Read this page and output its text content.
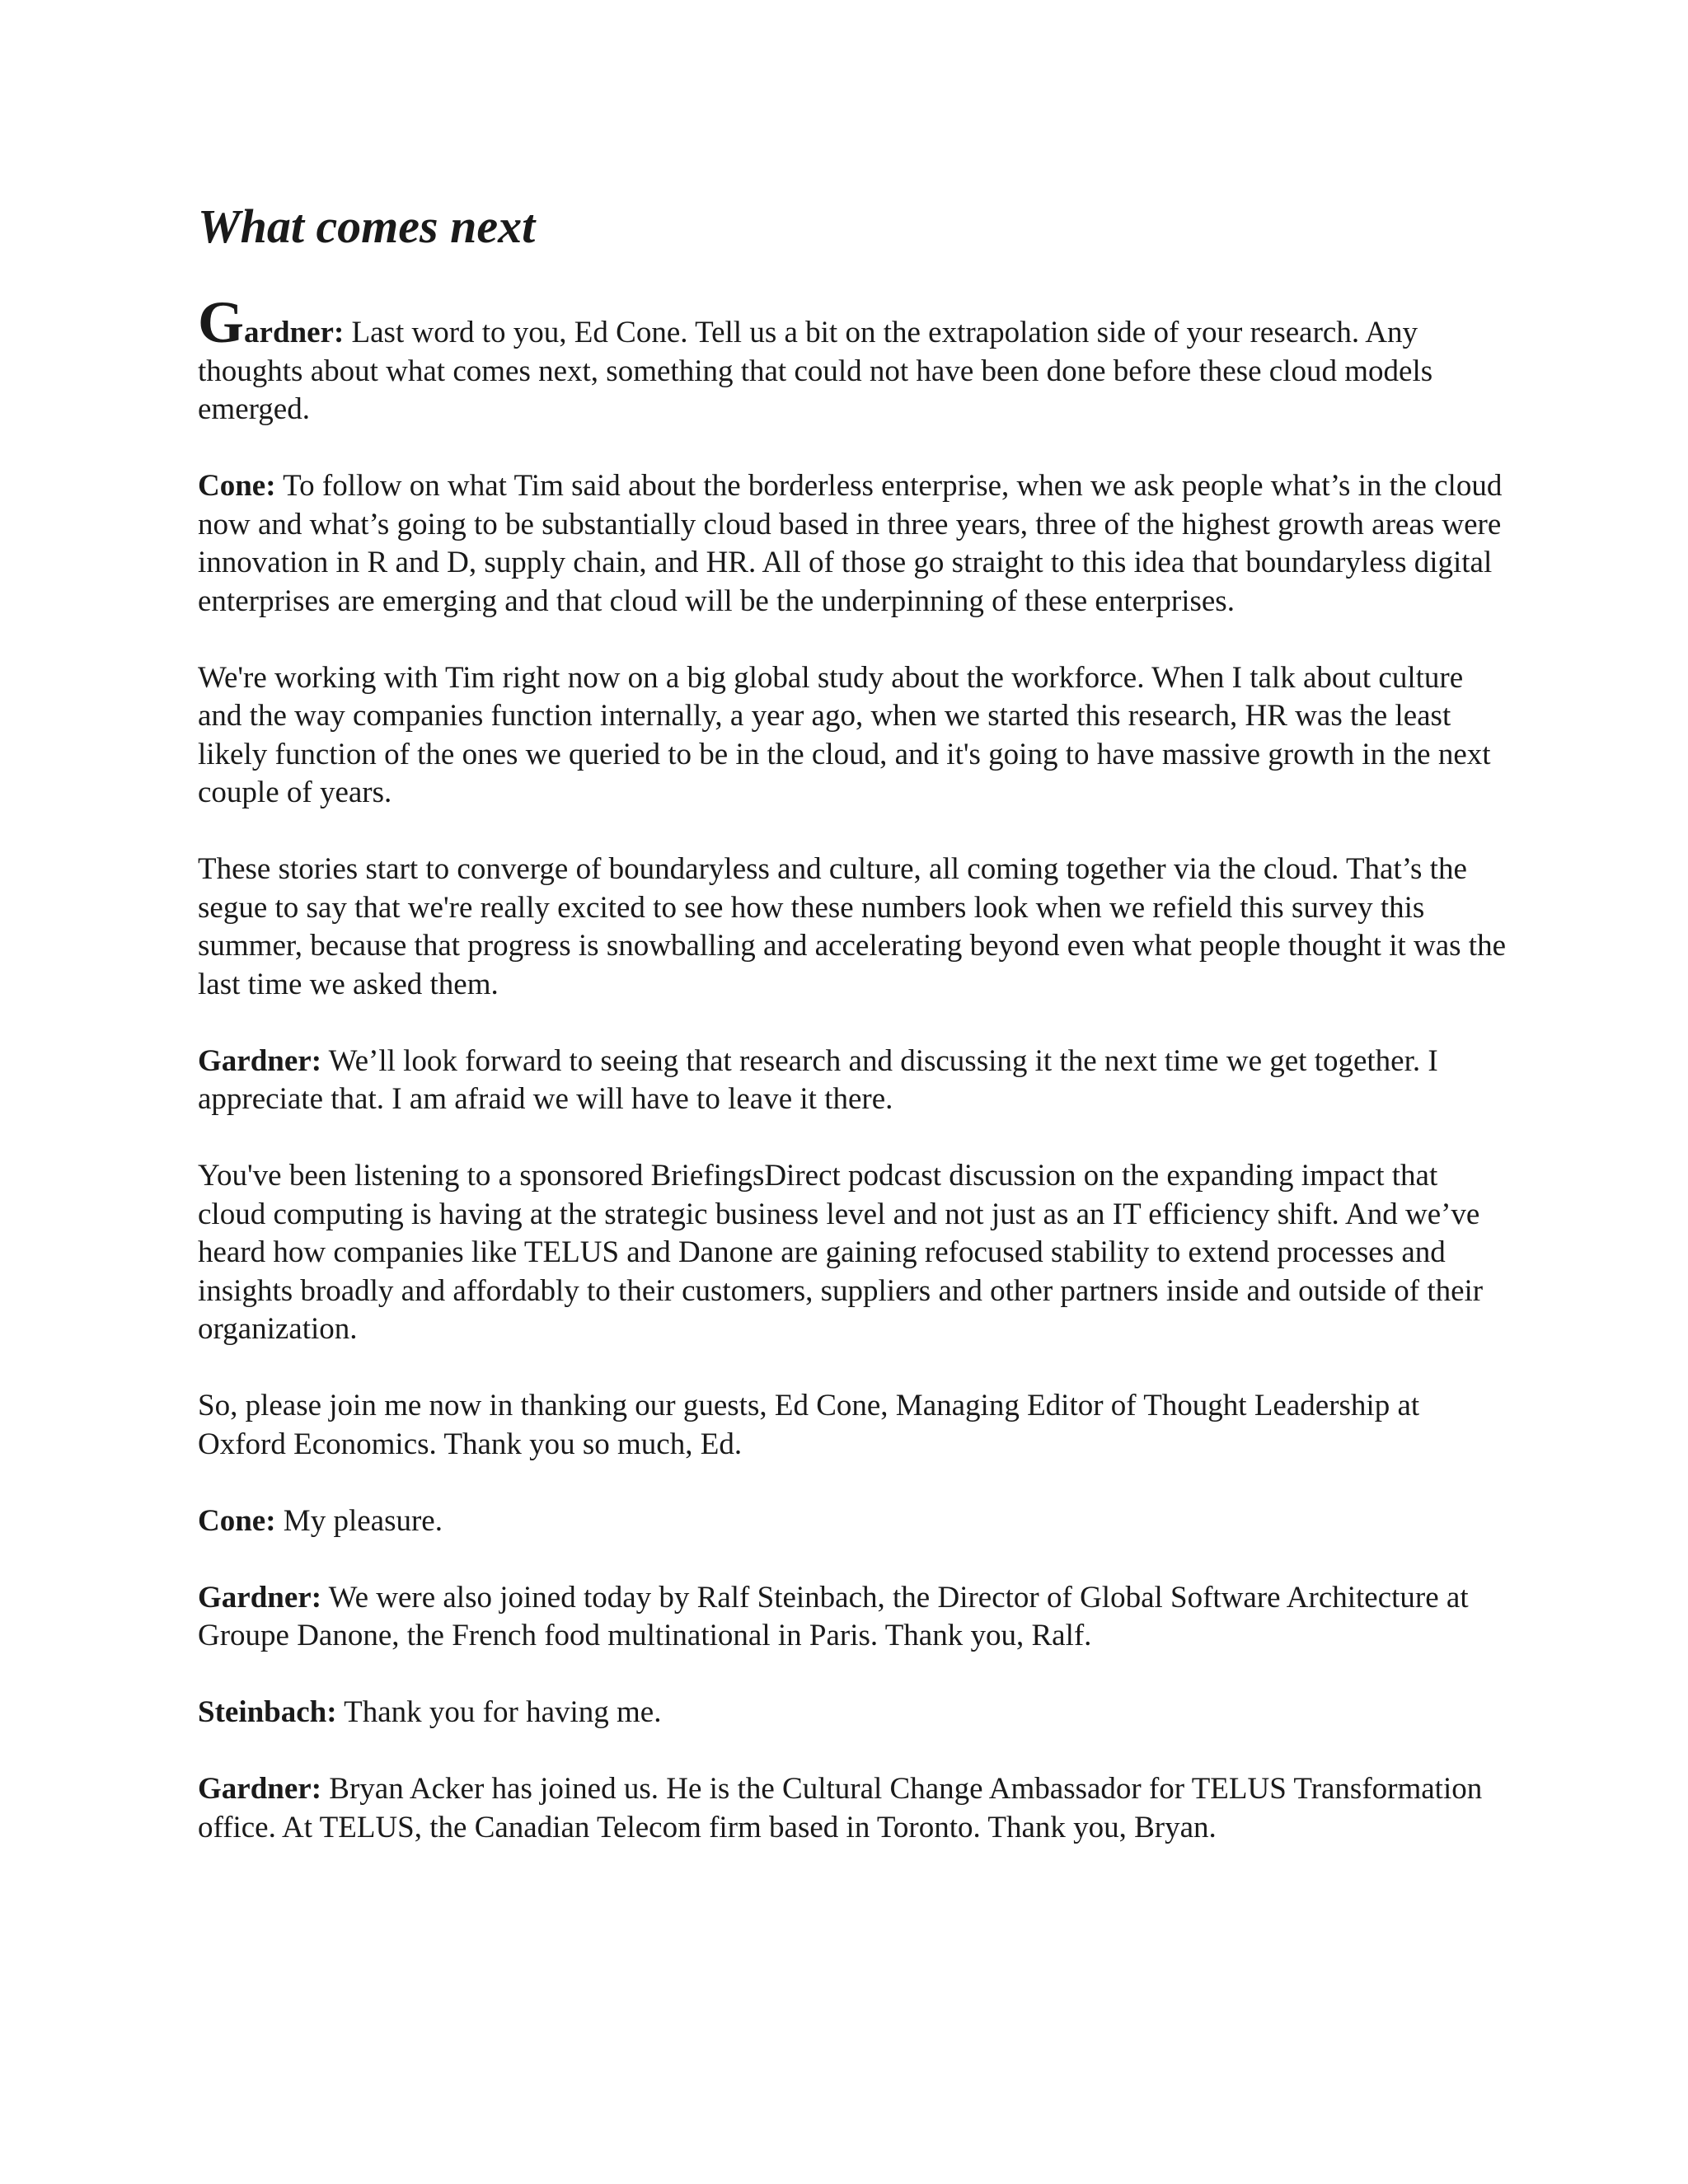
What comes next

Gardner: Last word to you, Ed Cone. Tell us a bit on the extrapolation side of your research. Any thoughts about what comes next, something that could not have been done before these cloud models emerged.

Cone: To follow on what Tim said about the borderless enterprise, when we ask people what’s in the cloud now and what’s going to be substantially cloud based in three years, three of the highest growth areas were innovation in R and D, supply chain, and HR. All of those go straight to this idea that boundaryless digital enterprises are emerging and that cloud will be the underpinning of these enterprises.

We're working with Tim right now on a big global study about the workforce. When I talk about culture and the way companies function internally, a year ago, when we started this research, HR was the least likely function of the ones we queried to be in the cloud, and it's going to have massive growth in the next couple of years.

These stories start to converge of boundaryless and culture, all coming together via the cloud. That’s the segue to say that we're really excited to see how these numbers look when we refield this survey this summer, because that progress is snowballing and accelerating beyond even what people thought it was the last time we asked them.

Gardner: We’ll look forward to seeing that research and discussing it the next time we get together. I appreciate that. I am afraid we will have to leave it there.

You've been listening to a sponsored BriefingsDirect podcast discussion on the expanding impact that cloud computing is having at the strategic business level and not just as an IT efficiency shift. And we’ve heard how companies like TELUS and Danone are gaining refocused stability to extend processes and insights broadly and affordably to their customers, suppliers and other partners inside and outside of their organization.

So, please join me now in thanking our guests, Ed Cone, Managing Editor of Thought Leadership at Oxford Economics. Thank you so much, Ed.

Cone: My pleasure.

Gardner: We were also joined today by Ralf Steinbach, the Director of Global Software Architecture at Groupe Danone, the French food multinational in Paris. Thank you, Ralf.

Steinbach: Thank you for having me.

Gardner: Bryan Acker has joined us. He is the Cultural Change Ambassador for TELUS Transformation office. At TELUS, the Canadian Telecom firm based in Toronto. Thank you, Bryan.
